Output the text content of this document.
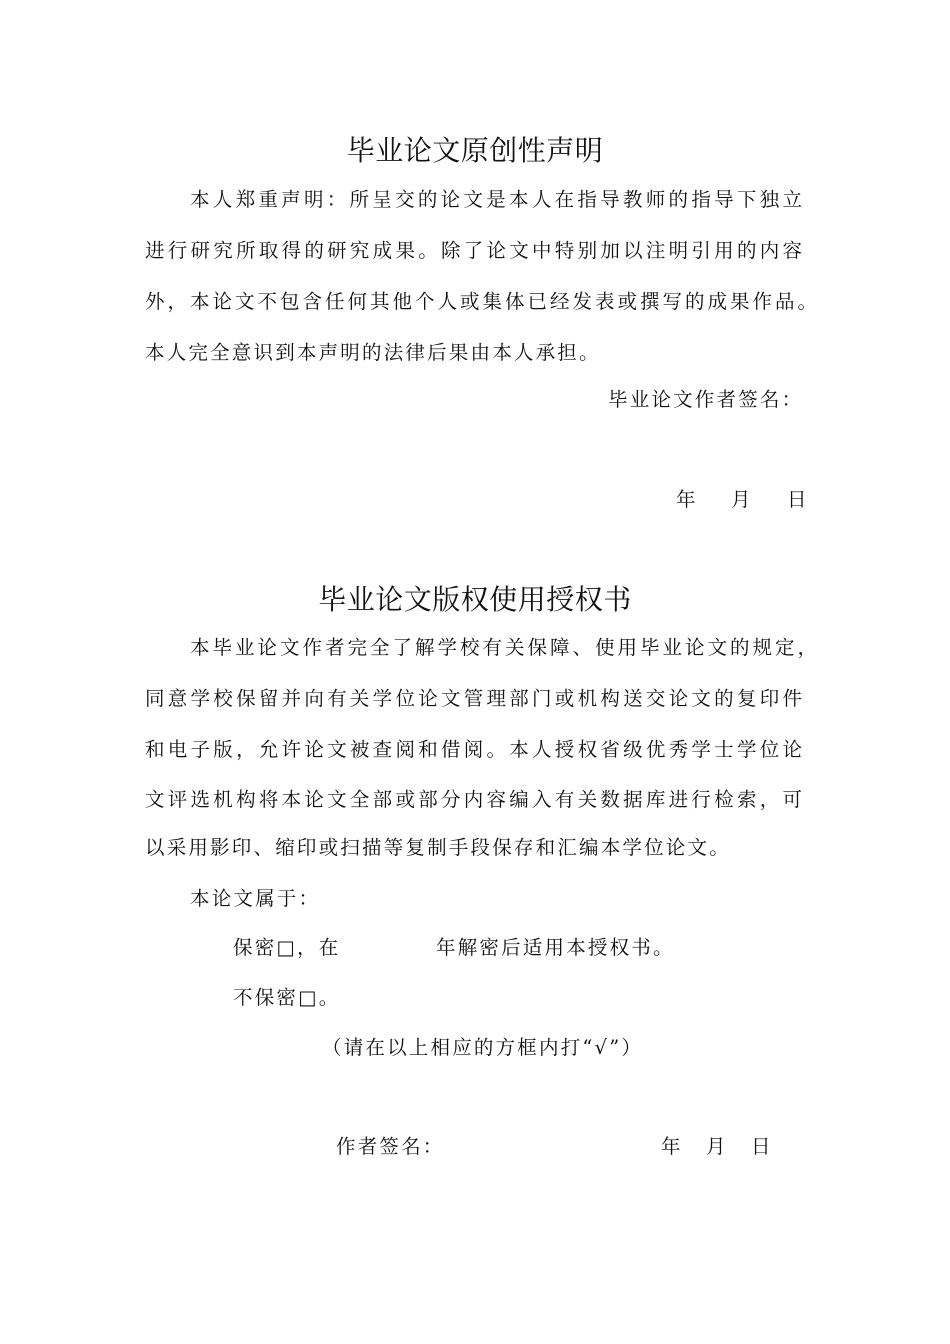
毕业论文原创性声明
本人郑重声明：所呈交的论文是本人在指导教师的指导下独立
进行研究所取得的研究成果。除了论文中特别加以注明引用的内容
外，本论文不包含任何其他个人或集体已经发表或撰写的成果作品。
本人完全意识到本声明的法律后果由本人承担。
毕业论文作者签名：
年 月 日
毕业论文版权使用授权书
本毕业论文作者完全了解学校有关保障、使用毕业论文的规定，
同意学校保留并向有关学位论文管理部门或机构送交论文的复印件
和电子版，允许论文被查阅和借阅。本人授权省级优秀学士学位论
文评选机构将本论文全部或部分内容编入有关数据库进行检索，可
以采用影印、缩印或扫描等复制手段保存和汇编本学位论文。
本论文属于：
保密□，在	年解密后适用本授权书。
不保密□。
（请在以上相应的方框内打“√”）
作者签名：	年 月 日
